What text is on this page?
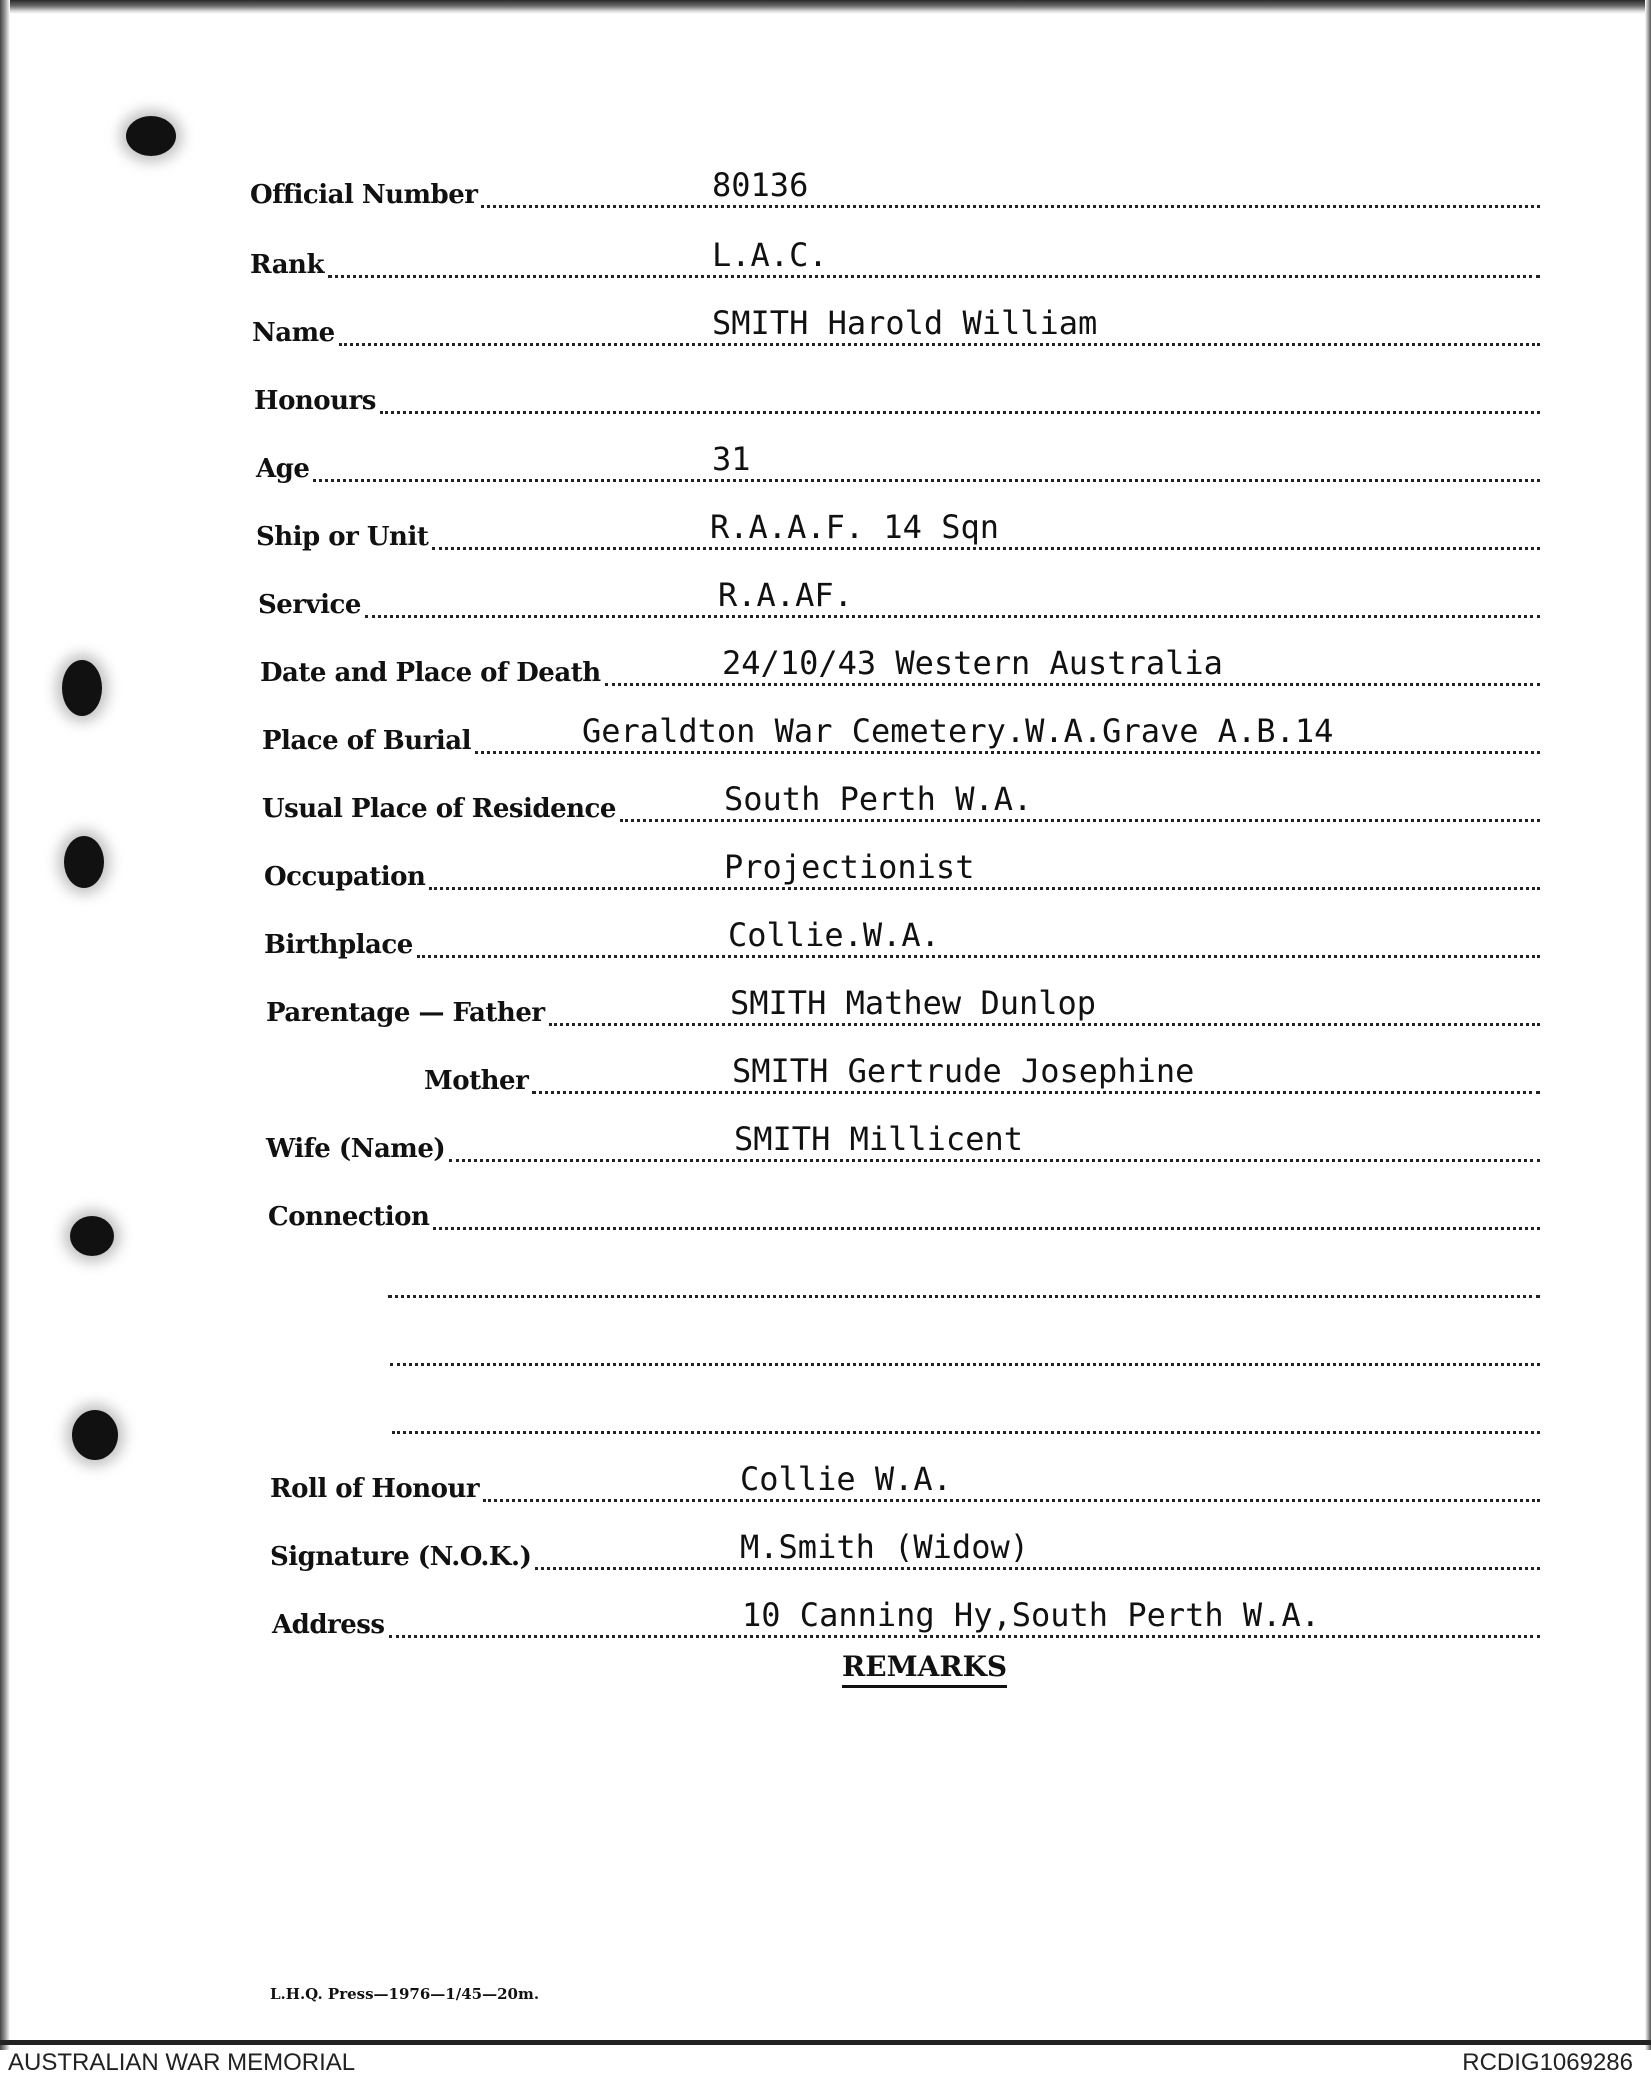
Official Number	80136
Rank	L.A.C.
Name	SMITH Harold William
Honours
Age	31
Ship or Unit	R.A.A.F. 14 Sqn
Service	R.A.AF.
Date and Place of Death	24/10/43 Western Australia
Place of Burial	Geraldton War Cemetery.W.A.Grave A.B.14
Usual Place of Residence	South Perth W.A.
Occupation	Projectionist
Birthplace	Collie.W.A.
Parentage — Father	SMITH Mathew Dunlop
Mother	SMITH Gertrude Josephine
Wife (Name)	SMITH Millicent
Connection
Roll of Honour	Collie W.A.
Signature (N.O.K.)	M.Smith (Widow)
Address	10 Canning Hy,South Perth W.A.
REMARKS
L.H.Q. Press—1976—1/45—20m.
AUSTRALIAN WAR MEMORIAL	RCDIG1069286
